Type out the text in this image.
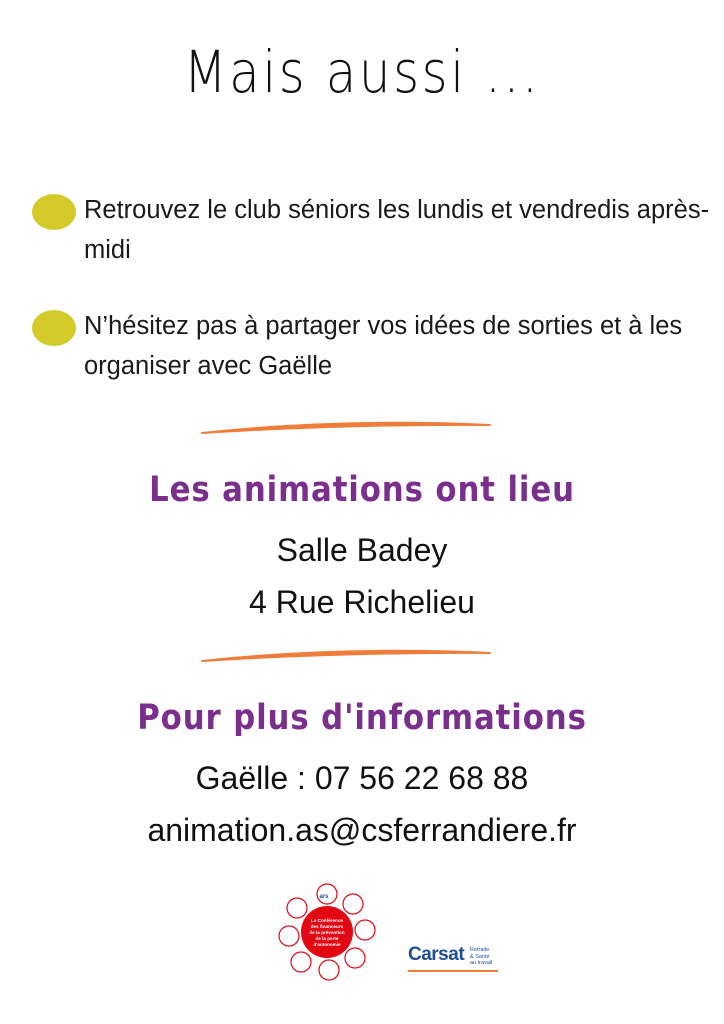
Mais aussi ...
Retrouvez le club séniors les lundis et vendredis après-midi
N’hésitez pas à partager vos idées de sorties et à les organiser avec Gaëlle
Les animations ont lieu
Salle Badey
4 Rue Richelieu
Pour plus d'informations
Gaëlle : 07 56 22 68 88
animation.as@csferrandiere.fr
La Conférence
des financeurs
de la prévention
de la perte
d'autonomie
ars
Carsat Retraite
& Santé
au travail
